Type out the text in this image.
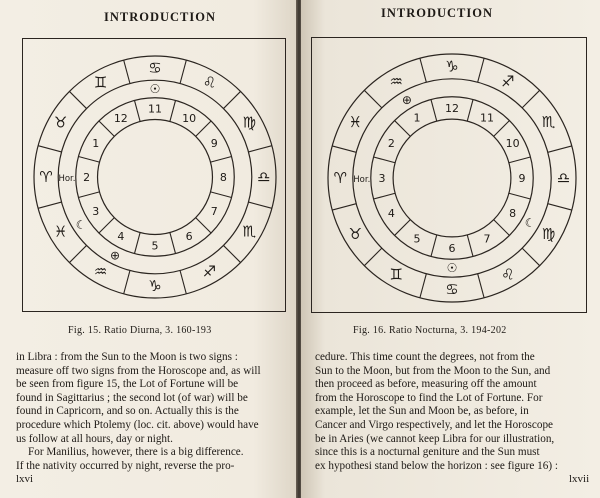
INTRODUCTION
♋
♌
♍
♎
♏
♐
♑
♒
♓
♈
♉
♊
12
11
10
9
8
7
6
5
4
3
2
1
☉
☾
⊕
Hor.
Fig. 15. Ratio Diurna, 3. 160-193
in Libra : from the Sun to the Moon is two signs :
measure off two signs from the Horoscope and, as will
be seen from figure 15, the Lot of Fortune will be
found in Sagittarius ; the second lot (of war) will be
found in Capricorn, and so on. Actually this is the
procedure which Ptolemy (loc. cit. above) would have
us follow at all hours, day or night.
For Manilius, however, there is a big difference.
If the nativity occurred by night, reverse the pro-
lxvi
INTRODUCTION
♑
♐
♏
♎
♍
♌
♋
♊
♉
♈
♓
♒
12
11
10
9
8
7
6
5
4
3
2
1
☉
☾
⊕
Hor.
Fig. 16. Ratio Nocturna, 3. 194-202
cedure. This time count the degrees, not from the
Sun to the Moon, but from the Moon to the Sun, and
then proceed as before, measuring off the amount
from the Horoscope to find the Lot of Fortune. For
example, let the Sun and Moon be, as before, in
Cancer and Virgo respectively, and let the Horoscope
be in Aries (we cannot keep Libra for our illustration,
since this is a nocturnal geniture and the Sun must
ex hypothesi stand below the horizon : see figure 16) :
lxvii
